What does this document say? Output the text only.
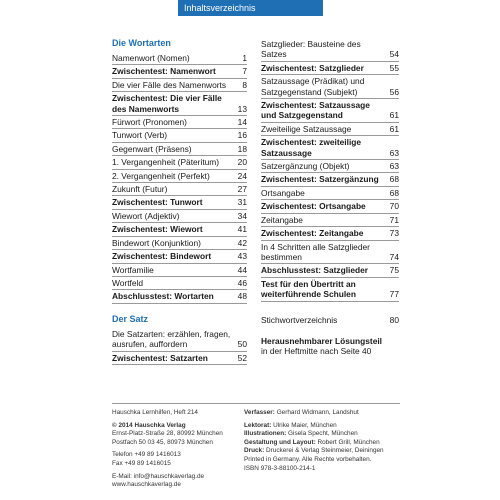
Inhaltsverzeichnis
Die Wortarten
Namenwort (Nomen)	1
Zwischentest: Namenwort	7
Die vier Fälle des Namenworts	8
Zwischentest: Die vier Fälle des Namenworts	13
Fürwort (Pronomen)	14
Tunwort (Verb)	16
Gegenwart (Präsens)	18
1. Vergangenheit (Päteritum)	20
2. Vergangenheit (Perfekt)	24
Zukunft (Futur)	27
Zwischentest: Tunwort	31
Wiewort (Adjektiv)	34
Zwischentest: Wiewort	41
Bindewort (Konjunktion)	42
Zwischentest: Bindewort	43
Wortfamilie	44
Wortfeld	46
Abschlusstest: Wortarten	48
Der Satz
Die Satzarten: erzählen, fragen, ausrufen, auffordern	50
Zwischentest: Satzarten	52
Satzglieder: Bausteine des Satzes	54
Zwischentest: Satzglieder	55
Satzaussage (Prädikat) und Satzgegenstand (Subjekt)	56
Zwischentest: Satzaussage und Satzgegenstand	61
Zweiteilige Satzaussage	61
Zwischentest: zweiteilige Satzaussage	63
Satzergänzung (Objekt)	63
Zwischentest: Satzergänzung	68
Ortsangabe	68
Zwischentest: Ortsangabe	70
Zeitangabe	71
Zwischentest: Zeitangabe	73
In 4 Schritten alle Satzglieder bestimmen	74
Abschlusstest: Satzglieder	75
Test für den Übertritt an weiterführende Schulen	77
Stichwortverzeichnis	80
Herausnehmbarer Lösungsteil
in der Heftmitte nach Seite 40
Hauschka Lernhilfen, Heft 214
© 2014 Hauschka Verlag
Ernst-Platz-Straße 28, 80992 München
Postfach 50 03 45, 80973 München
Telefon +49 89 1416013
Fax +49 89 1416015
E-Mail: info@hauschkaverlag.de
www.hauschkaverlag.de
Verfasser: Gerhard Widmann, Landshut
Lektorat: Ulrike Maier, München
Illustrationen: Gisela Specht, München
Gestaltung und Layout: Robert Grill, München
Druck: Druckerei & Verlag Steinmeier, Deiningen
Printed in Germany. Alle Rechte vorbehalten.
ISBN 978-3-88100-214-1
